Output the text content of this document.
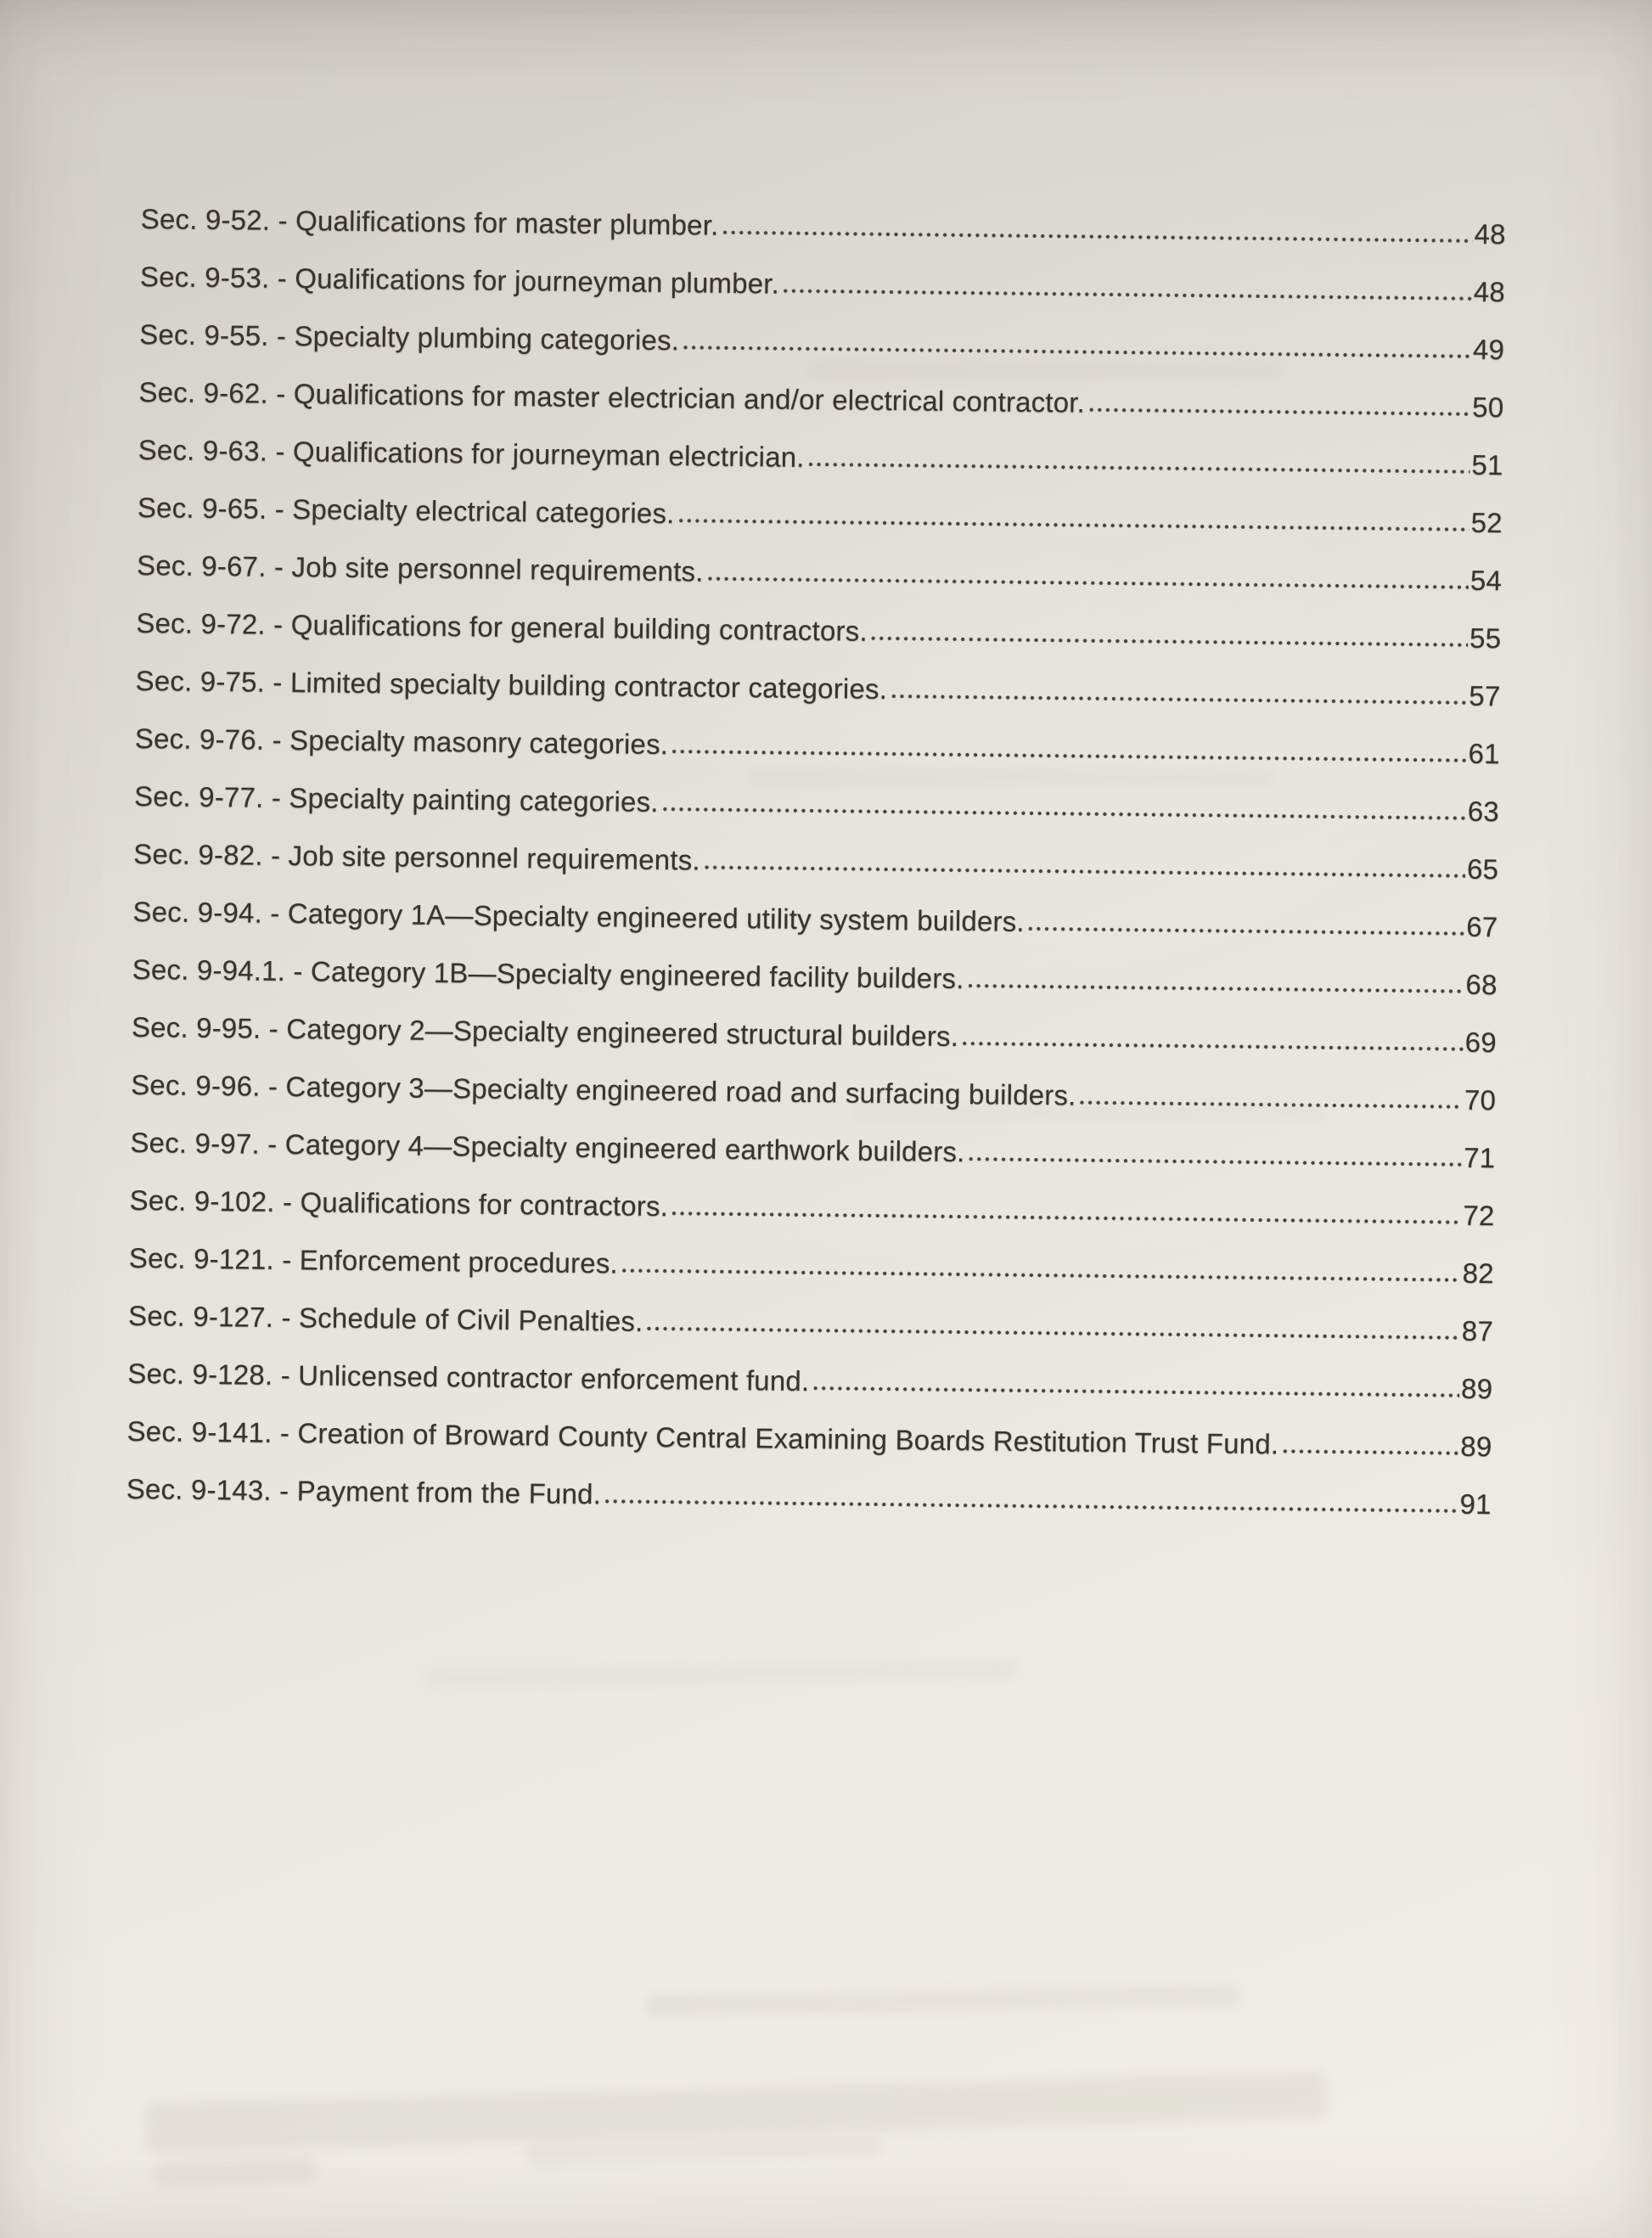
Sec. 9-52. - Qualifications for master plumber.	48
Sec. 9-53. - Qualifications for journeyman plumber.	48
Sec. 9-55. - Specialty plumbing categories.	49
Sec. 9-62. - Qualifications for master electrician and/or electrical contractor.	50
Sec. 9-63. - Qualifications for journeyman electrician.	51
Sec. 9-65. - Specialty electrical categories.	52
Sec. 9-67. - Job site personnel requirements.	54
Sec. 9-72. - Qualifications for general building contractors.	55
Sec. 9-75. - Limited specialty building contractor categories.	57
Sec. 9-76. - Specialty masonry categories.	61
Sec. 9-77. - Specialty painting categories.	63
Sec. 9-82. - Job site personnel requirements.	65
Sec. 9-94. - Category 1A—Specialty engineered utility system builders.	67
Sec. 9-94.1. - Category 1B—Specialty engineered facility builders.	68
Sec. 9-95. - Category 2—Specialty engineered structural builders.	69
Sec. 9-96. - Category 3—Specialty engineered road and surfacing builders.	70
Sec. 9-97. - Category 4—Specialty engineered earthwork builders.	71
Sec. 9-102. - Qualifications for contractors.	72
Sec. 9-121. - Enforcement procedures.	82
Sec. 9-127. - Schedule of Civil Penalties.	87
Sec. 9-128. - Unlicensed contractor enforcement fund.	89
Sec. 9-141. - Creation of Broward County Central Examining Boards Restitution Trust Fund.	89
Sec. 9-143. - Payment from the Fund.	91
